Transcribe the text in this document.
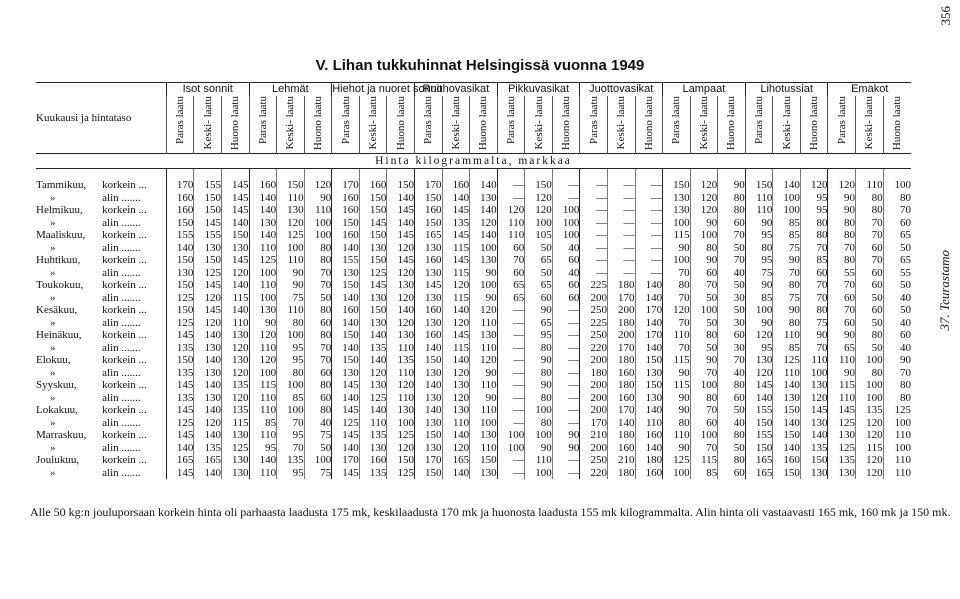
356
37. Teurastamo
V. Lihan tukkuhinnat Helsingissä vuonna 1949
Kuukausi ja hintataso		Isot sonnit			Lehmät			Hiehot ja nuoret sonnit			Ruohovasikat			Pikkuvasikat			Juottovasikat			Lampaat			Lihotussiat			Emakot		
		Paras laatu	Keski- laatu	Huono laatu	Paras laatu	Keski- laatu	Huono laatu	Paras laatu	Keski- laatu	Huono laatu	Paras laatu	Keski- laatu	Huono laatu	Paras laatu	Keski- laatu	Huono laatu	Paras laatu	Keski- laatu	Huono laatu	Paras laatu	Keski- laatu	Huono laatu	Paras laatu	Keski- laatu	Huono laatu	Paras laatu	Keski- laatu	Huono laatu
Hinta kilogrammalta, markkaa																												
Tammikuu,	korkein ...	170	155	145	160	150	120	170	160	150	170	160	140	—	150	—	—	—	—	150	120	90	150	140	120	120	110	100
»	alin .......	160	150	145	140	110	90	160	150	140	150	140	130	—	120	—	—	—	—	130	120	80	110	100	95	90	80	80
Helmikuu,	korkein ...	160	150	145	140	130	110	160	150	145	160	145	140	120	120	100	—	—	—	130	120	80	110	100	95	90	80	70
»	alin .......	150	145	140	130	120	100	150	145	140	150	135	120	110	100	100	—	—	—	100	90	60	90	85	80	80	70	60
Maaliskuu,	korkein ...	155	155	150	140	125	100	160	150	145	165	145	140	110	105	100	—	—	—	115	100	70	95	85	80	80	70	65
»	alin .......	140	130	130	110	100	80	140	130	120	130	115	100	60	50	40	—	—	—	90	80	50	80	75	70	70	60	50
Huhtikuu,	korkein ...	150	150	145	125	110	80	155	150	145	160	145	130	70	65	60	—	—	—	100	90	70	95	90	85	80	70	65
»	alin .......	130	125	120	100	90	70	130	125	120	130	115	90	60	50	40	—	—	—	70	60	40	75	70	60	55	60	55
Toukokuu,	korkein ...	150	145	140	110	90	70	150	145	130	145	120	100	65	65	60	225	180	140	80	70	50	90	80	70	70	60	50
»	alin .......	125	120	115	100	75	50	140	130	120	130	115	90	65	60	60	200	170	140	70	50	30	85	75	70	60	50	40
Kesäkuu,	korkein ...	150	145	140	130	110	80	160	150	140	160	140	120	—	90	—	250	200	170	120	100	50	100	90	80	70	60	50
»	alin .......	125	120	110	90	80	60	140	130	120	130	120	110	—	65	—	225	180	140	70	50	30	90	80	75	60	50	40
Heinäkuu,	korkein ...	145	140	130	120	100	80	150	140	130	160	145	130	—	95	—	250	200	170	110	80	60	120	110	90	90	80	60
»	alin .......	135	130	120	110	95	70	140	135	110	140	115	110	—	80	—	220	170	140	70	50	30	95	85	70	65	50	40
Elokuu,	korkein ...	150	140	130	120	95	70	150	140	135	150	140	120	—	90	—	200	180	150	115	90	70	130	125	110	110	100	90
»	alin .......	135	130	120	100	80	60	130	120	110	130	120	90	—	80	—	180	160	130	90	70	40	120	110	100	90	80	70
Syyskuu,	korkein ...	145	140	135	115	100	80	145	130	120	140	130	110	—	90	—	200	180	150	115	100	80	145	140	130	115	100	80
»	alin .......	135	130	120	110	85	60	140	125	110	130	120	90	—	80	—	200	160	130	90	80	60	140	130	120	110	100	80
Lokakuu,	korkein ...	145	140	135	110	100	80	145	140	130	140	130	110	—	100	—	200	170	140	90	70	50	155	150	145	145	135	125
»	alin .......	125	120	115	85	70	40	125	110	100	130	110	100	—	80	—	170	140	110	80	60	40	150	140	130	125	120	100
Marraskuu,	korkein ...	145	140	130	110	95	75	145	135	125	150	140	130	100	100	90	210	180	160	110	100	80	155	150	140	130	120	110
»	alin .......	140	135	125	95	70	50	140	130	120	130	120	110	100	90	90	200	160	140	90	70	50	150	140	135	125	115	100
Joulukuu,	korkein ...	165	165	130	140	135	100	170	160	150	170	165	150	—	110	—	250	210	180	125	115	80	165	160	150	135	120	110
»	alin .......	145	140	130	110	95	75	145	135	125	150	140	130	—	100	—	220	180	160	100	85	60	165	150	130	130	120	110
Alle 50 kg:n jouluporsaan korkein hinta oli parhaasta laadusta 175 mk, keskilaadusta 170 mk ja huonosta laadusta 155 mk kilogrammalta. Alin hinta oli vastaavasti 165 mk, 160 mk ja 150 mk.
